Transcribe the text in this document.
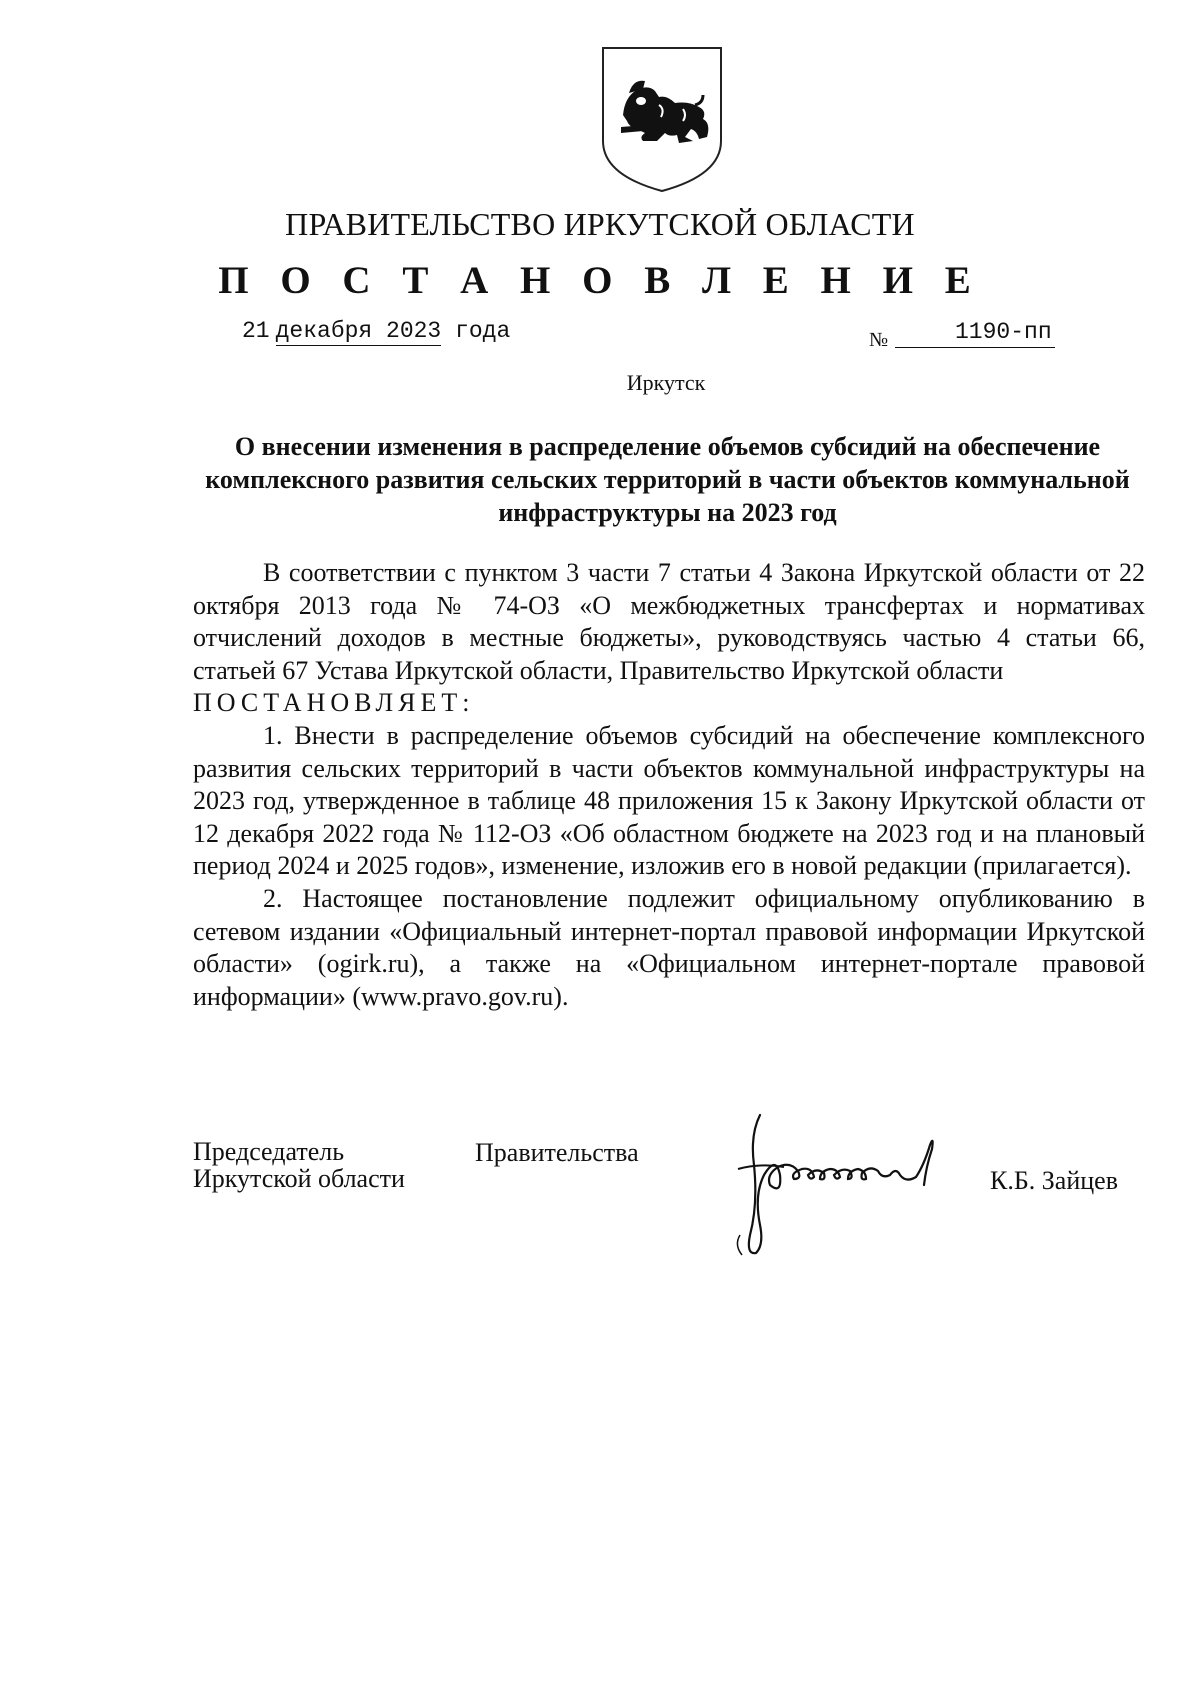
ПРАВИТЕЛЬСТВО ИРКУТСКОЙ ОБЛАСТИ
П О С Т А Н О В Л Е Н И Е
21 декабря 2023 года	№	1190-пп
Иркутск
О внесении изменения в распределение объемов субсидий на обеспечение комплексного развития сельских территорий в части объектов коммунальной инфраструктуры на 2023 год

В соответствии с пунктом 3 части 7 статьи 4 Закона Иркутской области от 22 октября 2013 года № 74-ОЗ «О межбюджетных трансфертах и нормативах отчислений доходов в местные бюджеты», руководствуясь частью 4 статьи 66, статьей 67 Устава Иркутской области, Правительство Иркутской области

ПОСТАНОВЛЯЕТ:

1. Внести в распределение объемов субсидий на обеспечение комплексного развития сельских территорий в части объектов коммунальной инфраструктуры на 2023 год, утвержденное в таблице 48 приложения 15 к Закону Иркутской области от 12 декабря 2022 года № 112-ОЗ «Об областном бюджете на 2023 год и на плановый период 2024 и 2025 годов», изменение, изложив его в новой редакции (прилагается).

2. Настоящее постановление подлежит официальному опубликованию в сетевом издании «Официальный интернет-портал правовой информации Иркутской области» (ogirk.ru), а также на «Официальном интернет-портале правовой информации» (www.pravo.gov.ru).

Председатель
Иркутской области
Правительства
К.Б. Зайцев
